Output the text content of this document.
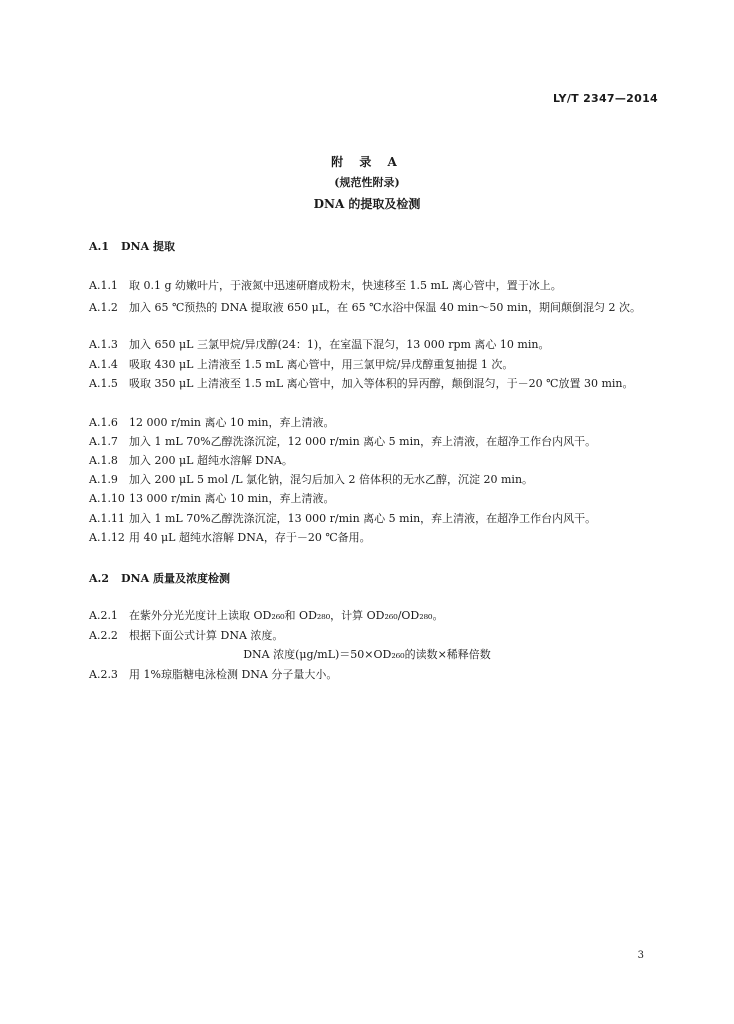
LY/T 2347—2014
附 录 A
(规范性附录)
DNA 的提取及检测
A.1 DNA 提取
A.1.1 取 0.1 g 幼嫩叶片，于液氮中迅速研磨成粉末，快速移至 1.5 mL 离心管中，置于冰上。
A.1.2 加入 65 ℃预热的 DNA 提取液 650 μL，在 65 ℃水浴中保温 40 min～50 min，期间颠倒混匀 2 次。
A.1.3 加入 650 μL 三氯甲烷/异戊醇(24：1)，在室温下混匀，13 000 rpm 离心 10 min。
A.1.4 吸取 430 μL 上清液至 1.5 mL 离心管中，用三氯甲烷/异戊醇重复抽提 1 次。
A.1.5 吸取 350 μL 上清液至 1.5 mL 离心管中，加入等体积的异丙醇，颠倒混匀，于－20 ℃放置 30 min。
A.1.6 12 000 r/min 离心 10 min，弃上清液。
A.1.7 加入 1 mL 70%乙醇洗涤沉淀，12 000 r/min 离心 5 min，弃上清液，在超净工作台内风干。
A.1.8 加入 200 μL 超纯水溶解 DNA。
A.1.9 加入 200 μL 5 mol /L 氯化钠，混匀后加入 2 倍体积的无水乙醇，沉淀 20 min。
A.1.10 13 000 r/min 离心 10 min，弃上清液。
A.1.11 加入 1 mL 70%乙醇洗涤沉淀，13 000 r/min 离心 5 min，弃上清液，在超净工作台内风干。
A.1.12 用 40 μL 超纯水溶解 DNA，存于－20 ℃备用。
A.2 DNA 质量及浓度检测
A.2.1 在紫外分光光度计上读取 OD₂₆₀和 OD₂₈₀，计算 OD₂₆₀/OD₂₈₀。
A.2.2 根据下面公式计算 DNA 浓度。
DNA 浓度(μg/mL)＝50×OD₂₆₀的读数×稀释倍数
A.2.3 用 1%琼脂糖电泳检测 DNA 分子量大小。
3
